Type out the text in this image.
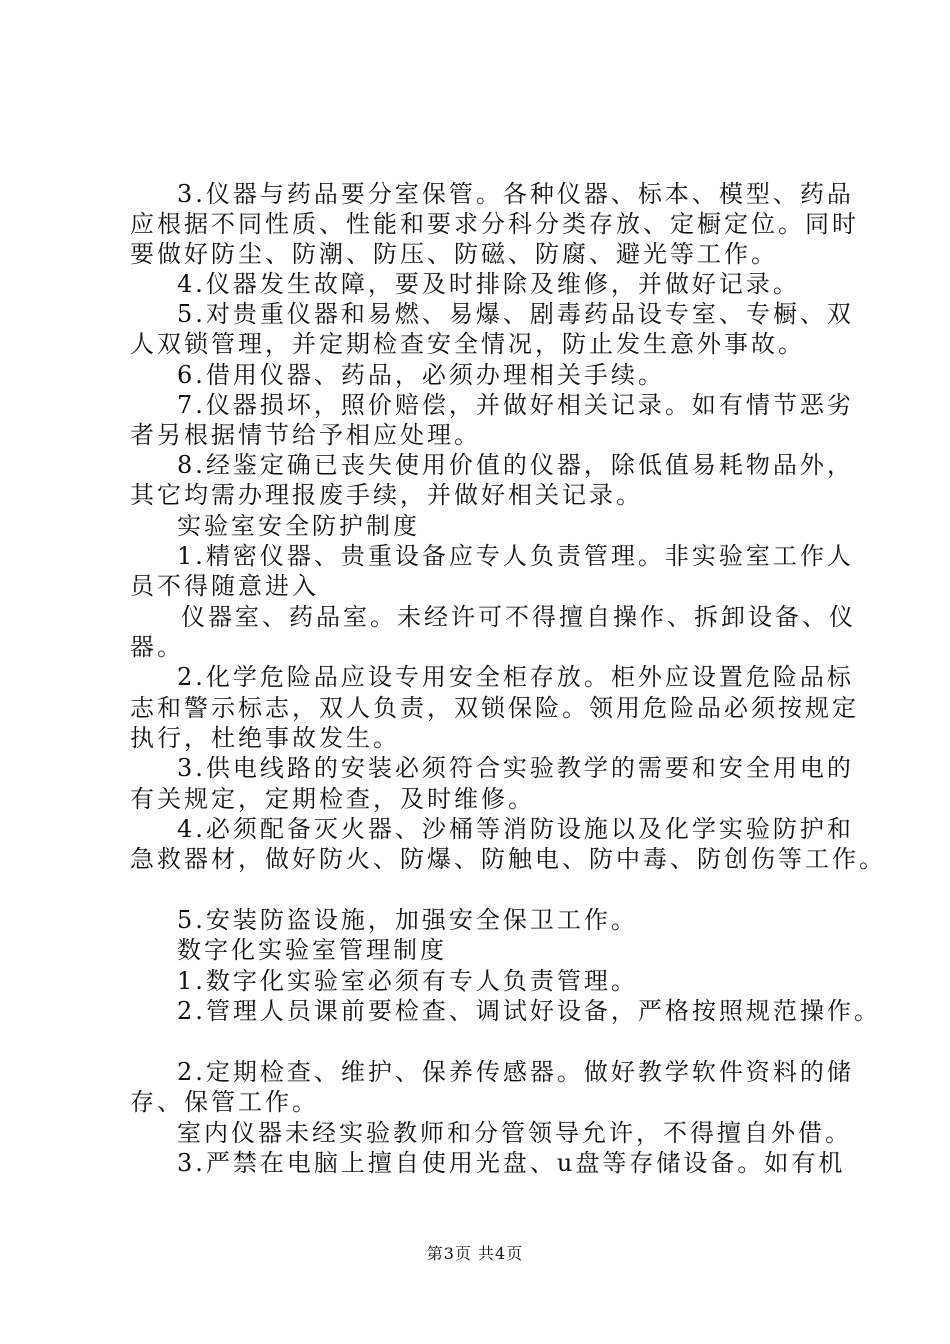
3.仪器与药品要分室保管。各种仪器、标本、模型、药品
应根据不同性质、性能和要求分科分类存放、定橱定位。同时
要做好防尘、防潮、防压、防磁、防腐、避光等工作。
4.仪器发生故障，要及时排除及维修，并做好记录。
5.对贵重仪器和易燃、易爆、剧毒药品设专室、专橱、双
人双锁管理，并定期检查安全情况，防止发生意外事故。
6.借用仪器、药品，必须办理相关手续。
7.仪器损坏，照价赔偿，并做好相关记录。如有情节恶劣
者另根据情节给予相应处理。
8.经鉴定确已丧失使用价值的仪器，除低值易耗物品外，
其它均需办理报废手续，并做好相关记录。
实验室安全防护制度
1.精密仪器、贵重设备应专人负责管理。非实验室工作人
员不得随意进入
仪器室、药品室。未经许可不得擅自操作、拆卸设备、仪
器。
2.化学危险品应设专用安全柜存放。柜外应设置危险品标
志和警示标志，双人负责，双锁保险。领用危险品必须按规定
执行，杜绝事故发生。
3.供电线路的安装必须符合实验教学的需要和安全用电的
有关规定，定期检查，及时维修。
4.必须配备灭火器、沙桶等消防设施以及化学实验防护和
急救器材，做好防火、防爆、防触电、防中毒、防创伤等工作。
5.安装防盗设施，加强安全保卫工作。
数字化实验室管理制度
1.数字化实验室必须有专人负责管理。
2.管理人员课前要检查、调试好设备，严格按照规范操作。
2.定期检查、维护、保养传感器。做好教学软件资料的储
存、保管工作。
室内仪器未经实验教师和分管领导允许，不得擅自外借。
3.严禁在电脑上擅自使用光盘、u盘等存储设备。如有机
第3页 共4页
